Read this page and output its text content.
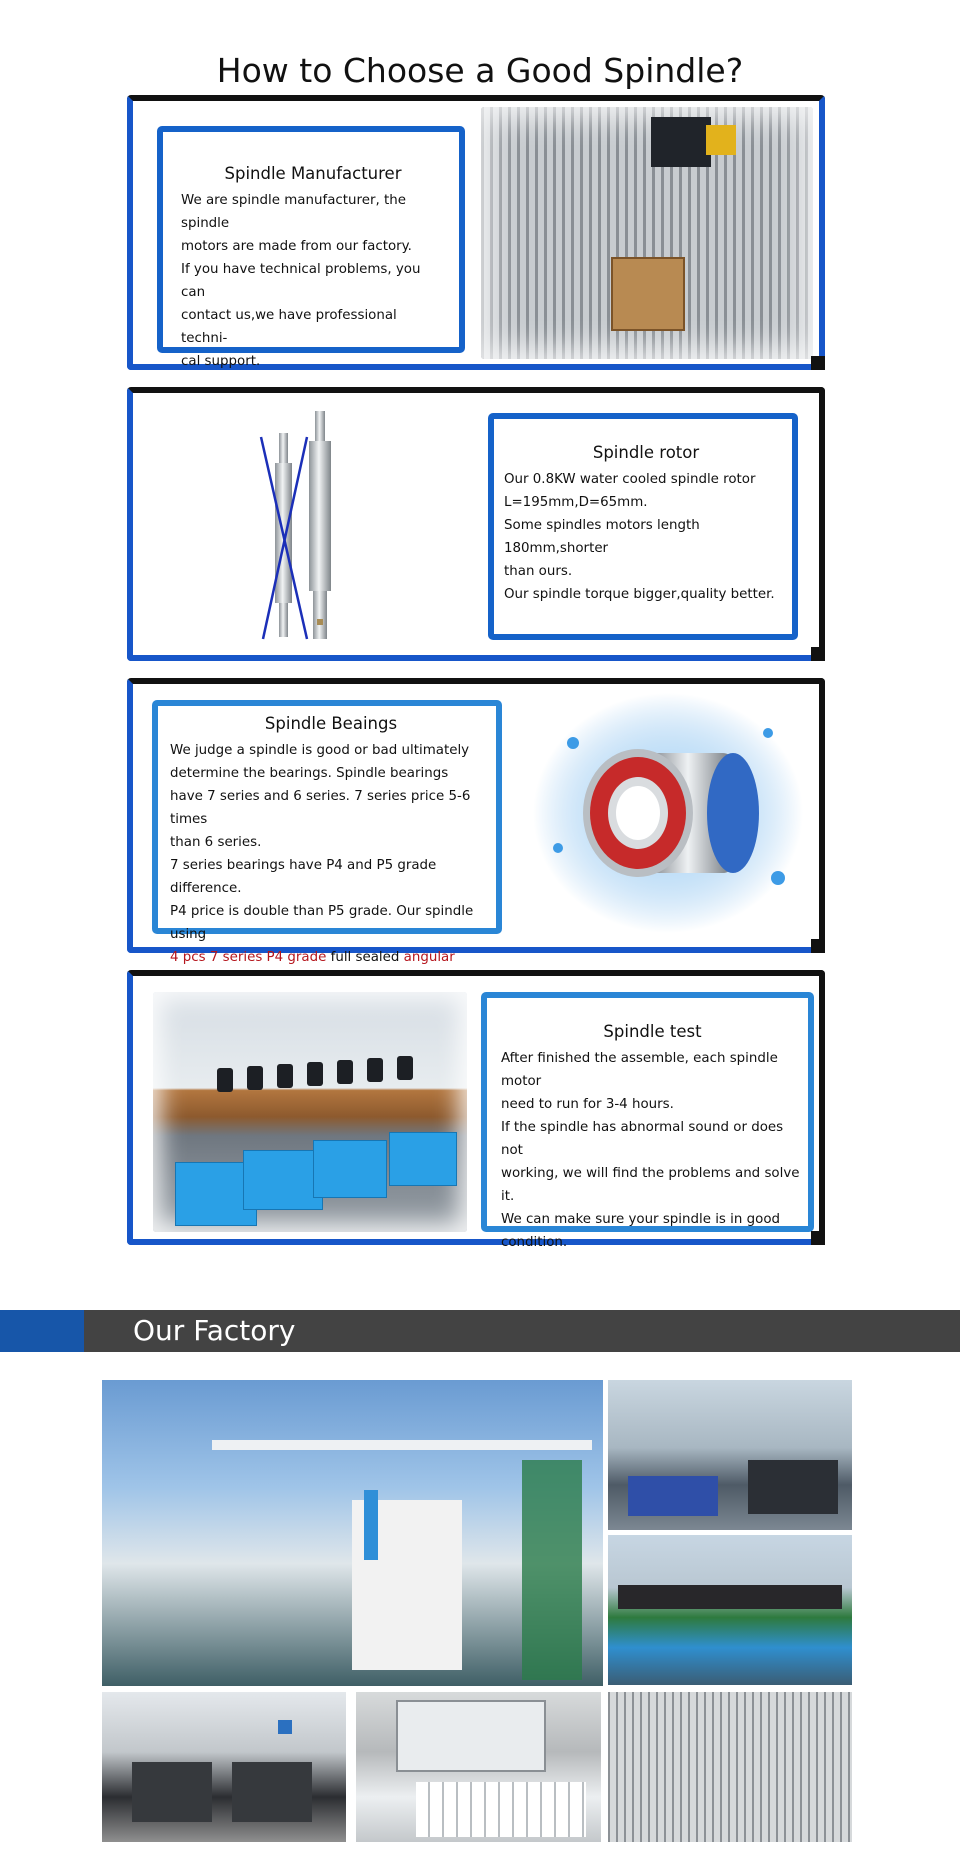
How to Choose a Good Spindle?
Spindle Manufacturer

We are spindle manufacturer, the spindle

motors are made from our factory.

If you have technical problems, you can

contact us,we have professional techni-

cal support.

Spindle rotor

Our 0.8KW water cooled spindle rotor

L=195mm,D=65mm.

Some spindles motors length 180mm,shorter

than ours.

Our spindle torque bigger,quality better.

Spindle Beaings

We judge a spindle is good or bad ultimately

determine the bearings. Spindle bearings

have 7 series and 6 series. 7 series price 5-6 times

than 6 series.

7 series bearings have P4 and P5 grade difference.

P4 price is double than P5 grade. Our spindle using

4 pcs 7 series P4 grade full sealed angular

Spindle test

After finished the assemble, each spindle motor

need to run for 3-4 hours.

If the spindle has abnormal sound or does not

working, we will find the problems and solve it.

We can make sure your spindle is in good

condition.

Our Factory
